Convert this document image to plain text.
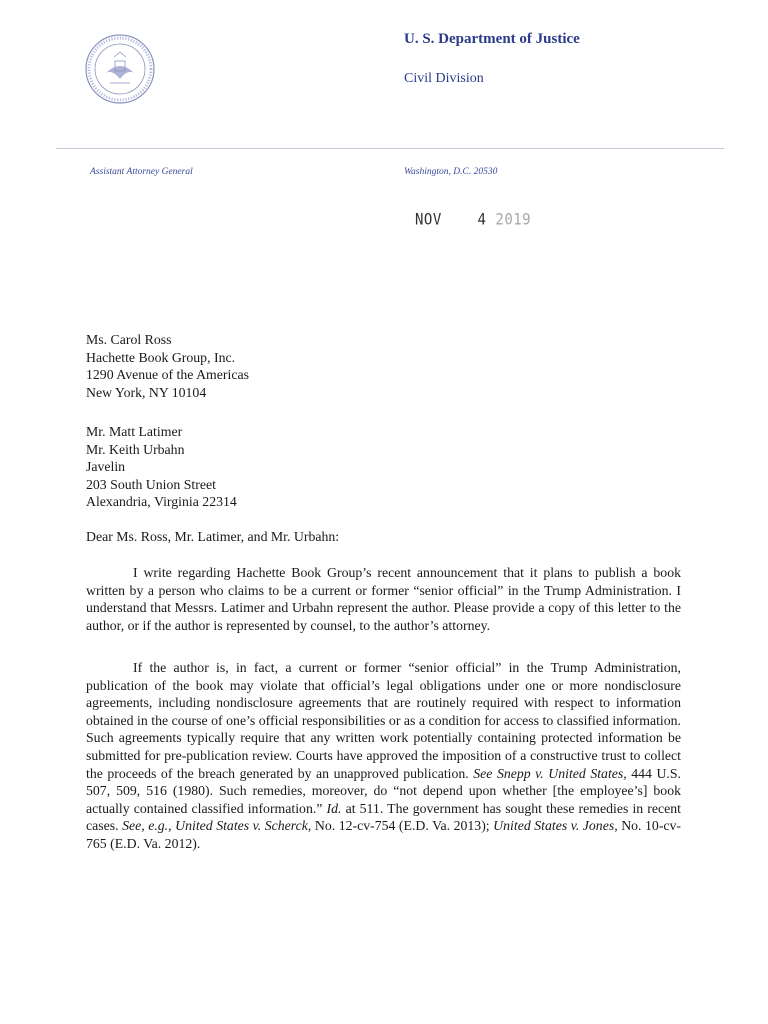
U. S. Department of Justice
Civil Division
Assistant Attorney General	Washington, D.C. 20530
NOV	4 2019
Ms. Carol Ross
Hachette Book Group, Inc.
1290 Avenue of the Americas
New York, NY 10104
Mr. Matt Latimer
Mr. Keith Urbahn
Javelin
203 South Union Street
Alexandria, Virginia 22314
Dear Ms. Ross, Mr. Latimer, and Mr. Urbahn:

I write regarding Hachette Book Group’s recent announcement that it plans to publish a book written by a person who claims to be a current or former “senior official” in the Trump Administration. I understand that Messrs. Latimer and Urbahn represent the author. Please provide a copy of this letter to the author, or if the author is represented by counsel, to the author’s attorney.

If the author is, in fact, a current or former “senior official” in the Trump Administration, publication of the book may violate that official’s legal obligations under one or more nondisclosure agreements, including nondisclosure agreements that are routinely required with respect to information obtained in the course of one’s official responsibilities or as a condition for access to classified information. Such agreements typically require that any written work potentially containing protected information be submitted for pre-publication review. Courts have approved the imposition of a constructive trust to collect the proceeds of the breach generated by an unapproved publication. See Snepp v. United States, 444 U.S. 507, 509, 516 (1980). Such remedies, moreover, do “not depend upon whether [the employee’s] book actually contained classified information.” Id. at 511. The government has sought these remedies in recent cases. See, e.g., United States v. Scherck, No. 12-cv-754 (E.D. Va. 2013); United States v. Jones, No. 10-cv-765 (E.D. Va. 2012).
